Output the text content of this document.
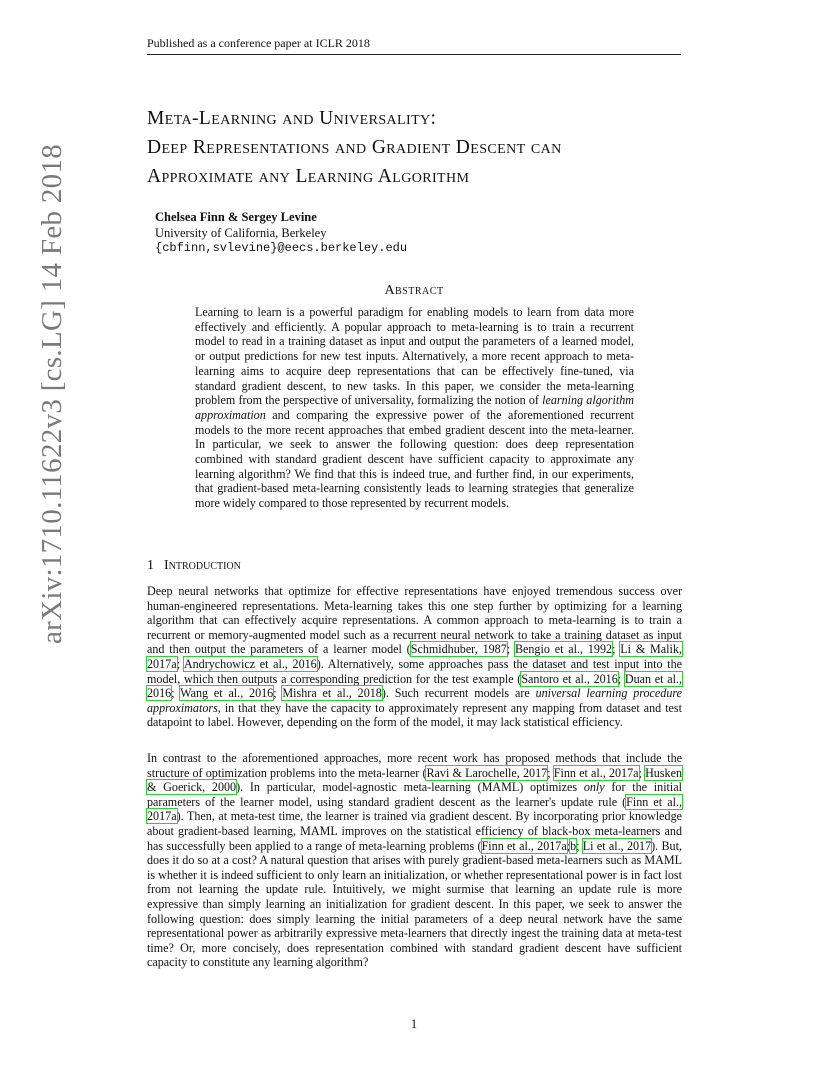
Published as a conference paper at ICLR 2018
arXiv:1710.11622v3 [cs.LG] 14 Feb 2018
Meta-Learning and Universality:
Deep Representations and Gradient Descent can
Approximate any Learning Algorithm
Chelsea Finn & Sergey Levine
University of California, Berkeley
{cbfinn,svlevine}@eecs.berkeley.edu
Abstract

Learning to learn is a powerful paradigm for enabling models to learn from data more effectively and efficiently. A popular approach to meta-learning is to train a recurrent model to read in a training dataset as input and output the parameters of a learned model, or output predictions for new test inputs. Alternatively, a more recent approach to meta-learning aims to acquire deep representations that can be effectively fine-tuned, via standard gradient descent, to new tasks. In this paper, we consider the meta-learning problem from the perspective of universality, formalizing the notion of learning algorithm approximation and comparing the expressive power of the aforementioned recurrent models to the more recent approaches that embed gradient descent into the meta-learner. In particular, we seek to answer the following question: does deep representation combined with standard gradient descent have sufficient capacity to approximate any learning algorithm? We find that this is indeed true, and further find, in our experiments, that gradient-based meta-learning consistently leads to learning strategies that generalize more widely compared to those represented by recurrent models.

1 Introduction

Deep neural networks that optimize for effective representations have enjoyed tremendous success over human-engineered representations. Meta-learning takes this one step further by optimizing for a learning algorithm that can effectively acquire representations. A common approach to meta-learning is to train a recurrent or memory-augmented model such as a recurrent neural network to take a training dataset as input and then output the parameters of a learner model (Schmidhuber, 1987; Bengio et al., 1992; Li & Malik, 2017a; Andrychowicz et al., 2016). Alternatively, some approaches pass the dataset and test input into the model, which then outputs a corresponding prediction for the test example (Santoro et al., 2016; Duan et al., 2016; Wang et al., 2016; Mishra et al., 2018). Such recurrent models are universal learning procedure approximators, in that they have the capacity to approximately represent any mapping from dataset and test datapoint to label. However, depending on the form of the model, it may lack statistical efficiency.

In contrast to the aforementioned approaches, more recent work has proposed methods that include the structure of optimization problems into the meta-learner (Ravi & Larochelle, 2017; Finn et al., 2017a; Husken & Goerick, 2000). In particular, model-agnostic meta-learning (MAML) optimizes only for the initial parameters of the learner model, using standard gradient descent as the learner's update rule (Finn et al., 2017a). Then, at meta-test time, the learner is trained via gradient descent. By incorporating prior knowledge about gradient-based learning, MAML improves on the statistical efficiency of black-box meta-learners and has successfully been applied to a range of meta-learning problems (Finn et al., 2017a;b; Li et al., 2017). But, does it do so at a cost? A natural question that arises with purely gradient-based meta-learners such as MAML is whether it is indeed sufficient to only learn an initialization, or whether representational power is in fact lost from not learning the update rule. Intuitively, we might surmise that learning an update rule is more expressive than simply learning an initialization for gradient descent. In this paper, we seek to answer the following question: does simply learning the initial parameters of a deep neural network have the same representational power as arbitrarily expressive meta-learners that directly ingest the training data at meta-test time? Or, more concisely, does representation combined with standard gradient descent have sufficient capacity to constitute any learning algorithm?

1
